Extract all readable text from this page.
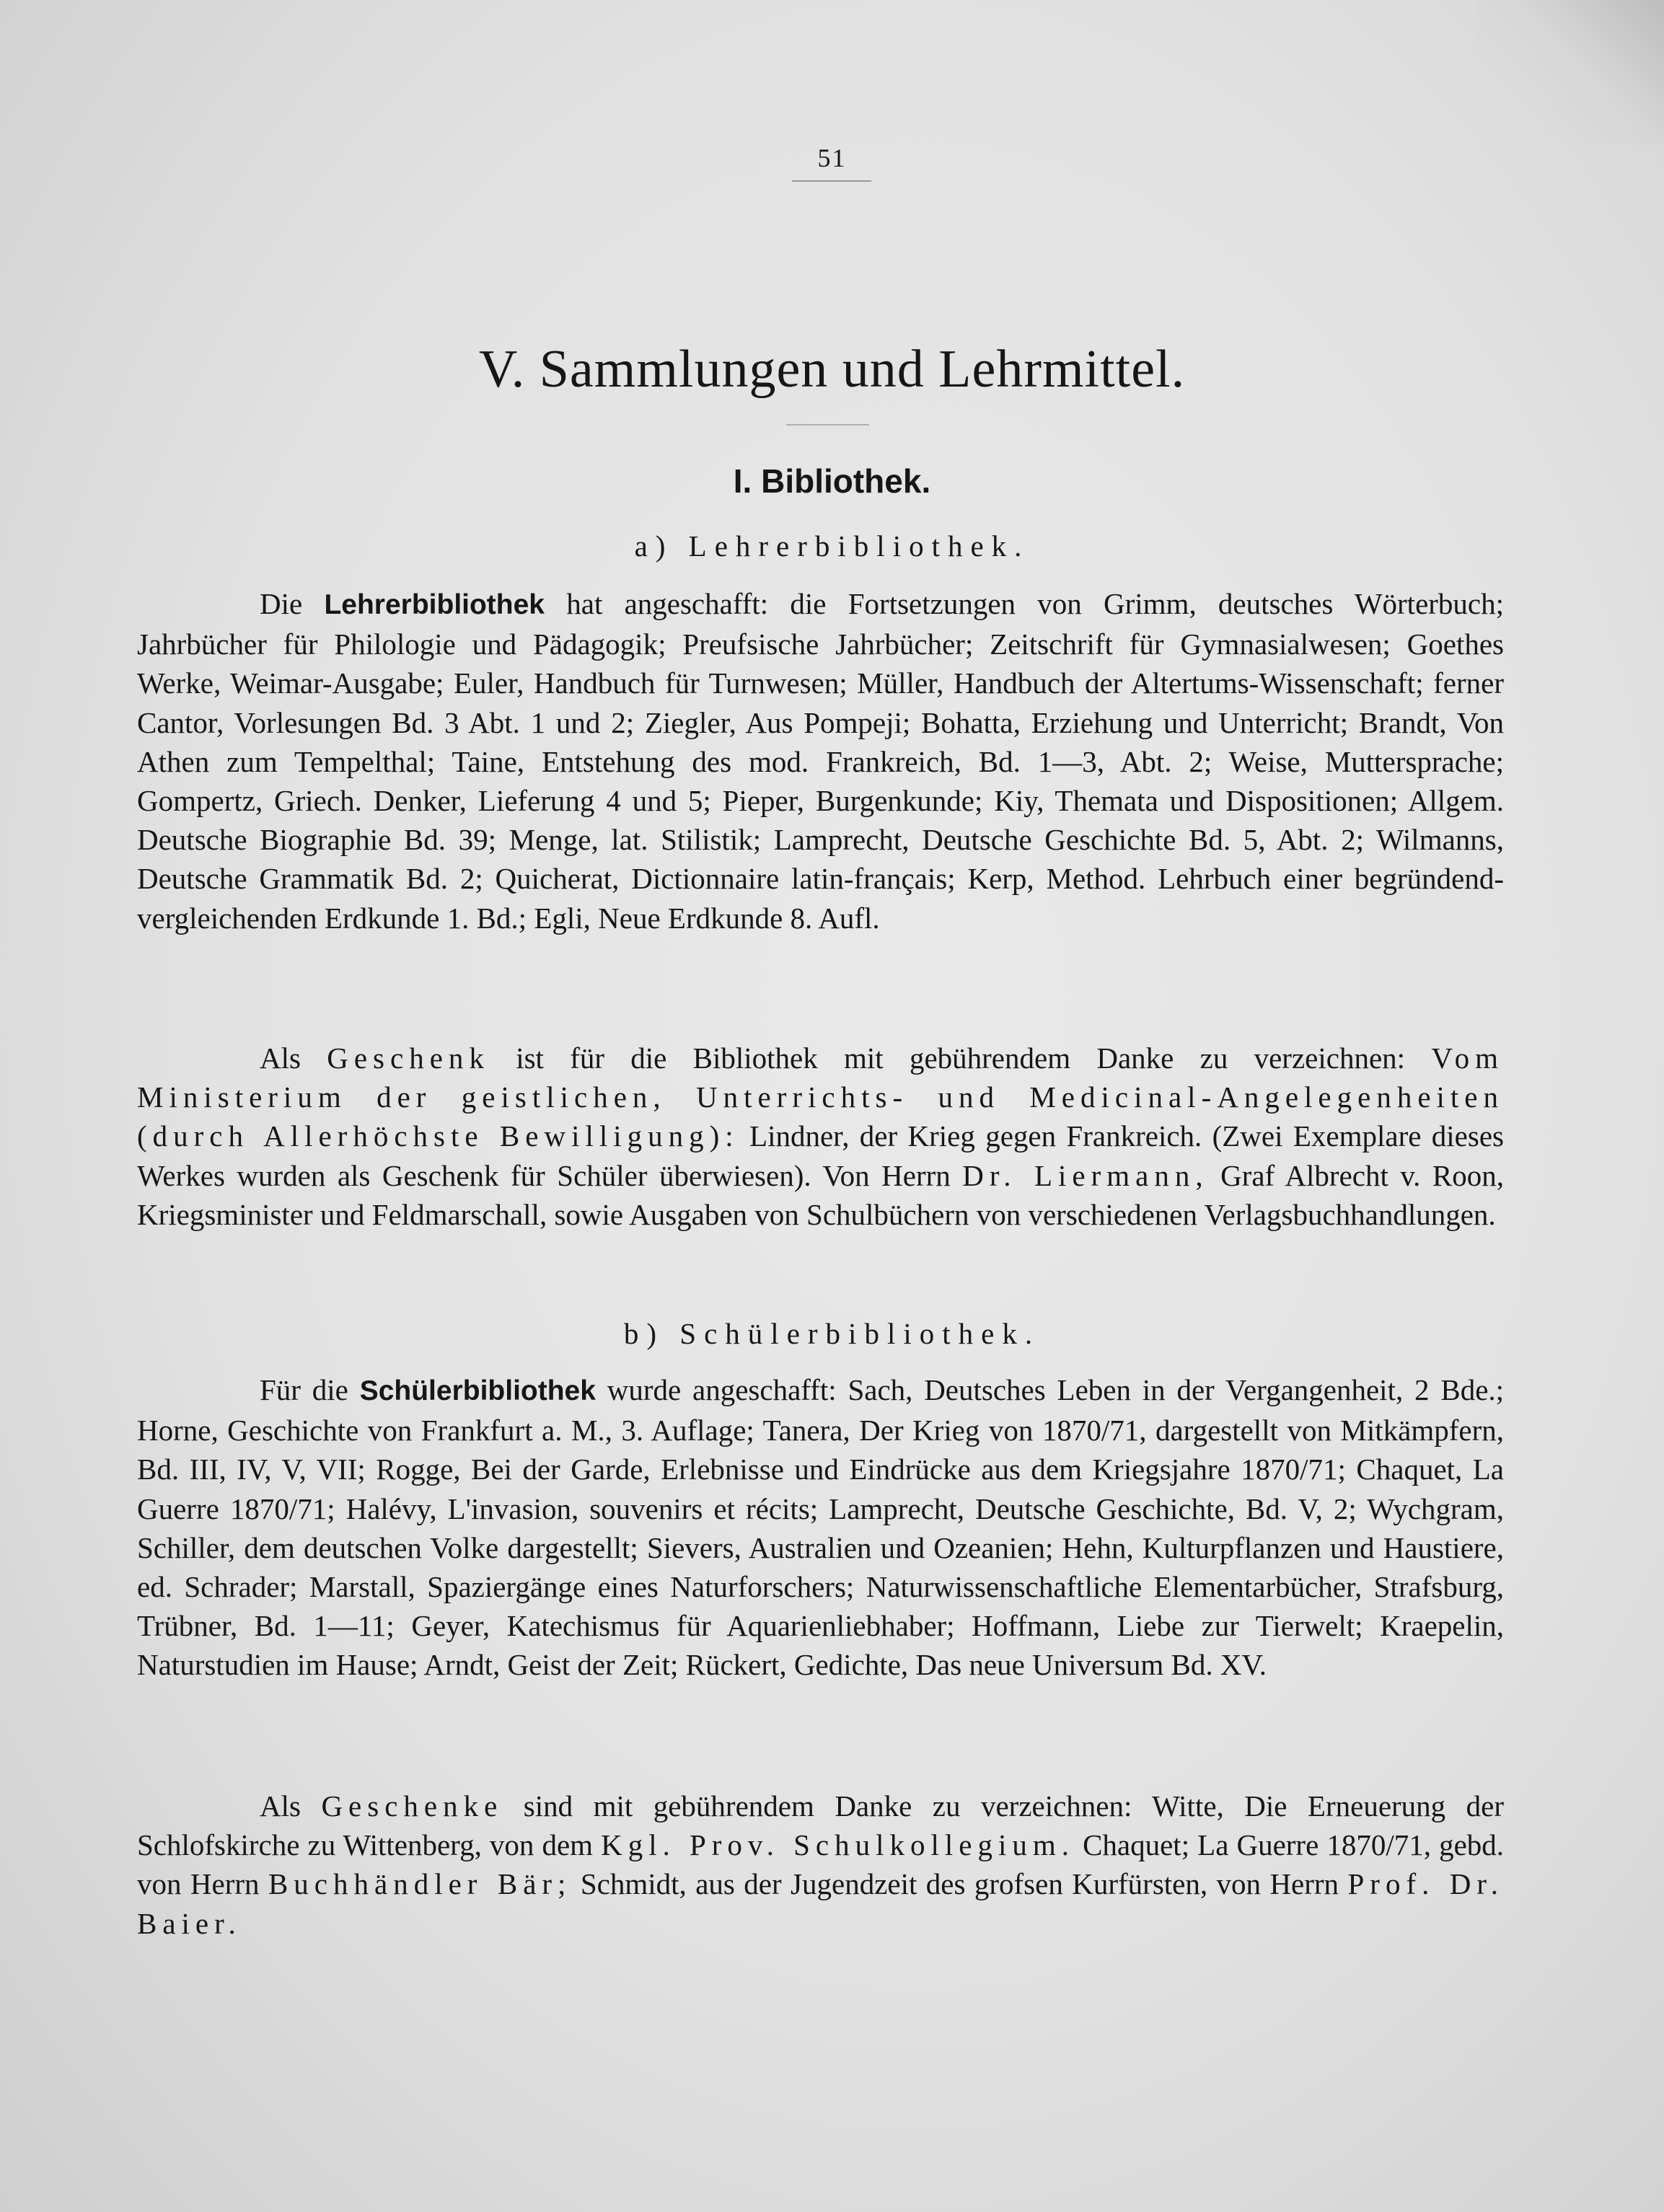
51
V. Sammlungen und Lehrmittel.
I. Bibliothek.
a) Lehrerbibliothek.

Die Lehrerbibliothek hat angeschafft: die Fortsetzungen von Grimm, deutsches Wörterbuch; Jahrbücher für Philologie und Pädagogik; Preufsische Jahrbücher; Zeitschrift für Gymnasialwesen; Goethes Werke, Weimar-Ausgabe; Euler, Handbuch für Turnwesen; Müller, Handbuch der Altertums-Wissenschaft; ferner Cantor, Vorlesungen Bd. 3 Abt. 1 und 2; Ziegler, Aus Pompeji; Bohatta, Erziehung und Unterricht; Brandt, Von Athen zum Tempelthal; Taine, Entstehung des mod. Frankreich, Bd. 1—3, Abt. 2; Weise, Muttersprache; Gompertz, Griech. Denker, Lieferung 4 und 5; Pieper, Burgenkunde; Kiy, Themata und Dispositionen; Allgem. Deutsche Biographie Bd. 39; Menge, lat. Stilistik; Lamprecht, Deutsche Geschichte Bd. 5, Abt. 2; Wilmanns, Deutsche Grammatik Bd. 2; Quicherat, Dictionnaire latin-français; Kerp, Method. Lehrbuch einer begründend-vergleichenden Erdkunde 1. Bd.; Egli, Neue Erdkunde 8. Aufl.

Als Geschenk ist für die Bibliothek mit gebührendem Danke zu verzeichnen: Vom Ministerium der geistlichen, Unterrichts- und Medicinal-Angelegenheiten (durch Allerhöchste Bewilligung): Lindner, der Krieg gegen Frankreich. (Zwei Exemplare dieses Werkes wurden als Geschenk für Schüler überwiesen). Von Herrn Dr. Liermann, Graf Albrecht v. Roon, Kriegsminister und Feldmarschall, sowie Ausgaben von Schulbüchern von verschiedenen Verlagsbuchhandlungen.

b) Schülerbibliothek.

Für die Schülerbibliothek wurde angeschafft: Sach, Deutsches Leben in der Vergangenheit, 2 Bde.; Horne, Geschichte von Frankfurt a. M., 3. Auflage; Tanera, Der Krieg von 1870/71, dargestellt von Mitkämpfern, Bd. III, IV, V, VII; Rogge, Bei der Garde, Erlebnisse und Eindrücke aus dem Kriegsjahre 1870/71; Chaquet, La Guerre 1870/71; Halévy, L'invasion, souvenirs et récits; Lamprecht, Deutsche Geschichte, Bd. V, 2; Wychgram, Schiller, dem deutschen Volke dargestellt; Sievers, Australien und Ozeanien; Hehn, Kulturpflanzen und Haustiere, ed. Schrader; Marstall, Spaziergänge eines Naturforschers; Naturwissenschaftliche Elementarbücher, Strafsburg, Trübner, Bd. 1—11; Geyer, Katechismus für Aquarienliebhaber; Hoffmann, Liebe zur Tierwelt; Kraepelin, Naturstudien im Hause; Arndt, Geist der Zeit; Rückert, Gedichte, Das neue Universum Bd. XV.

Als Geschenke sind mit gebührendem Danke zu verzeichnen: Witte, Die Erneuerung der Schlofskirche zu Wittenberg, von dem Kgl. Prov. Schulkollegium. Chaquet; La Guerre 1870/71, gebd. von Herrn Buchhändler Bär; Schmidt, aus der Jugendzeit des grofsen Kurfürsten, von Herrn Prof. Dr. Baier.
